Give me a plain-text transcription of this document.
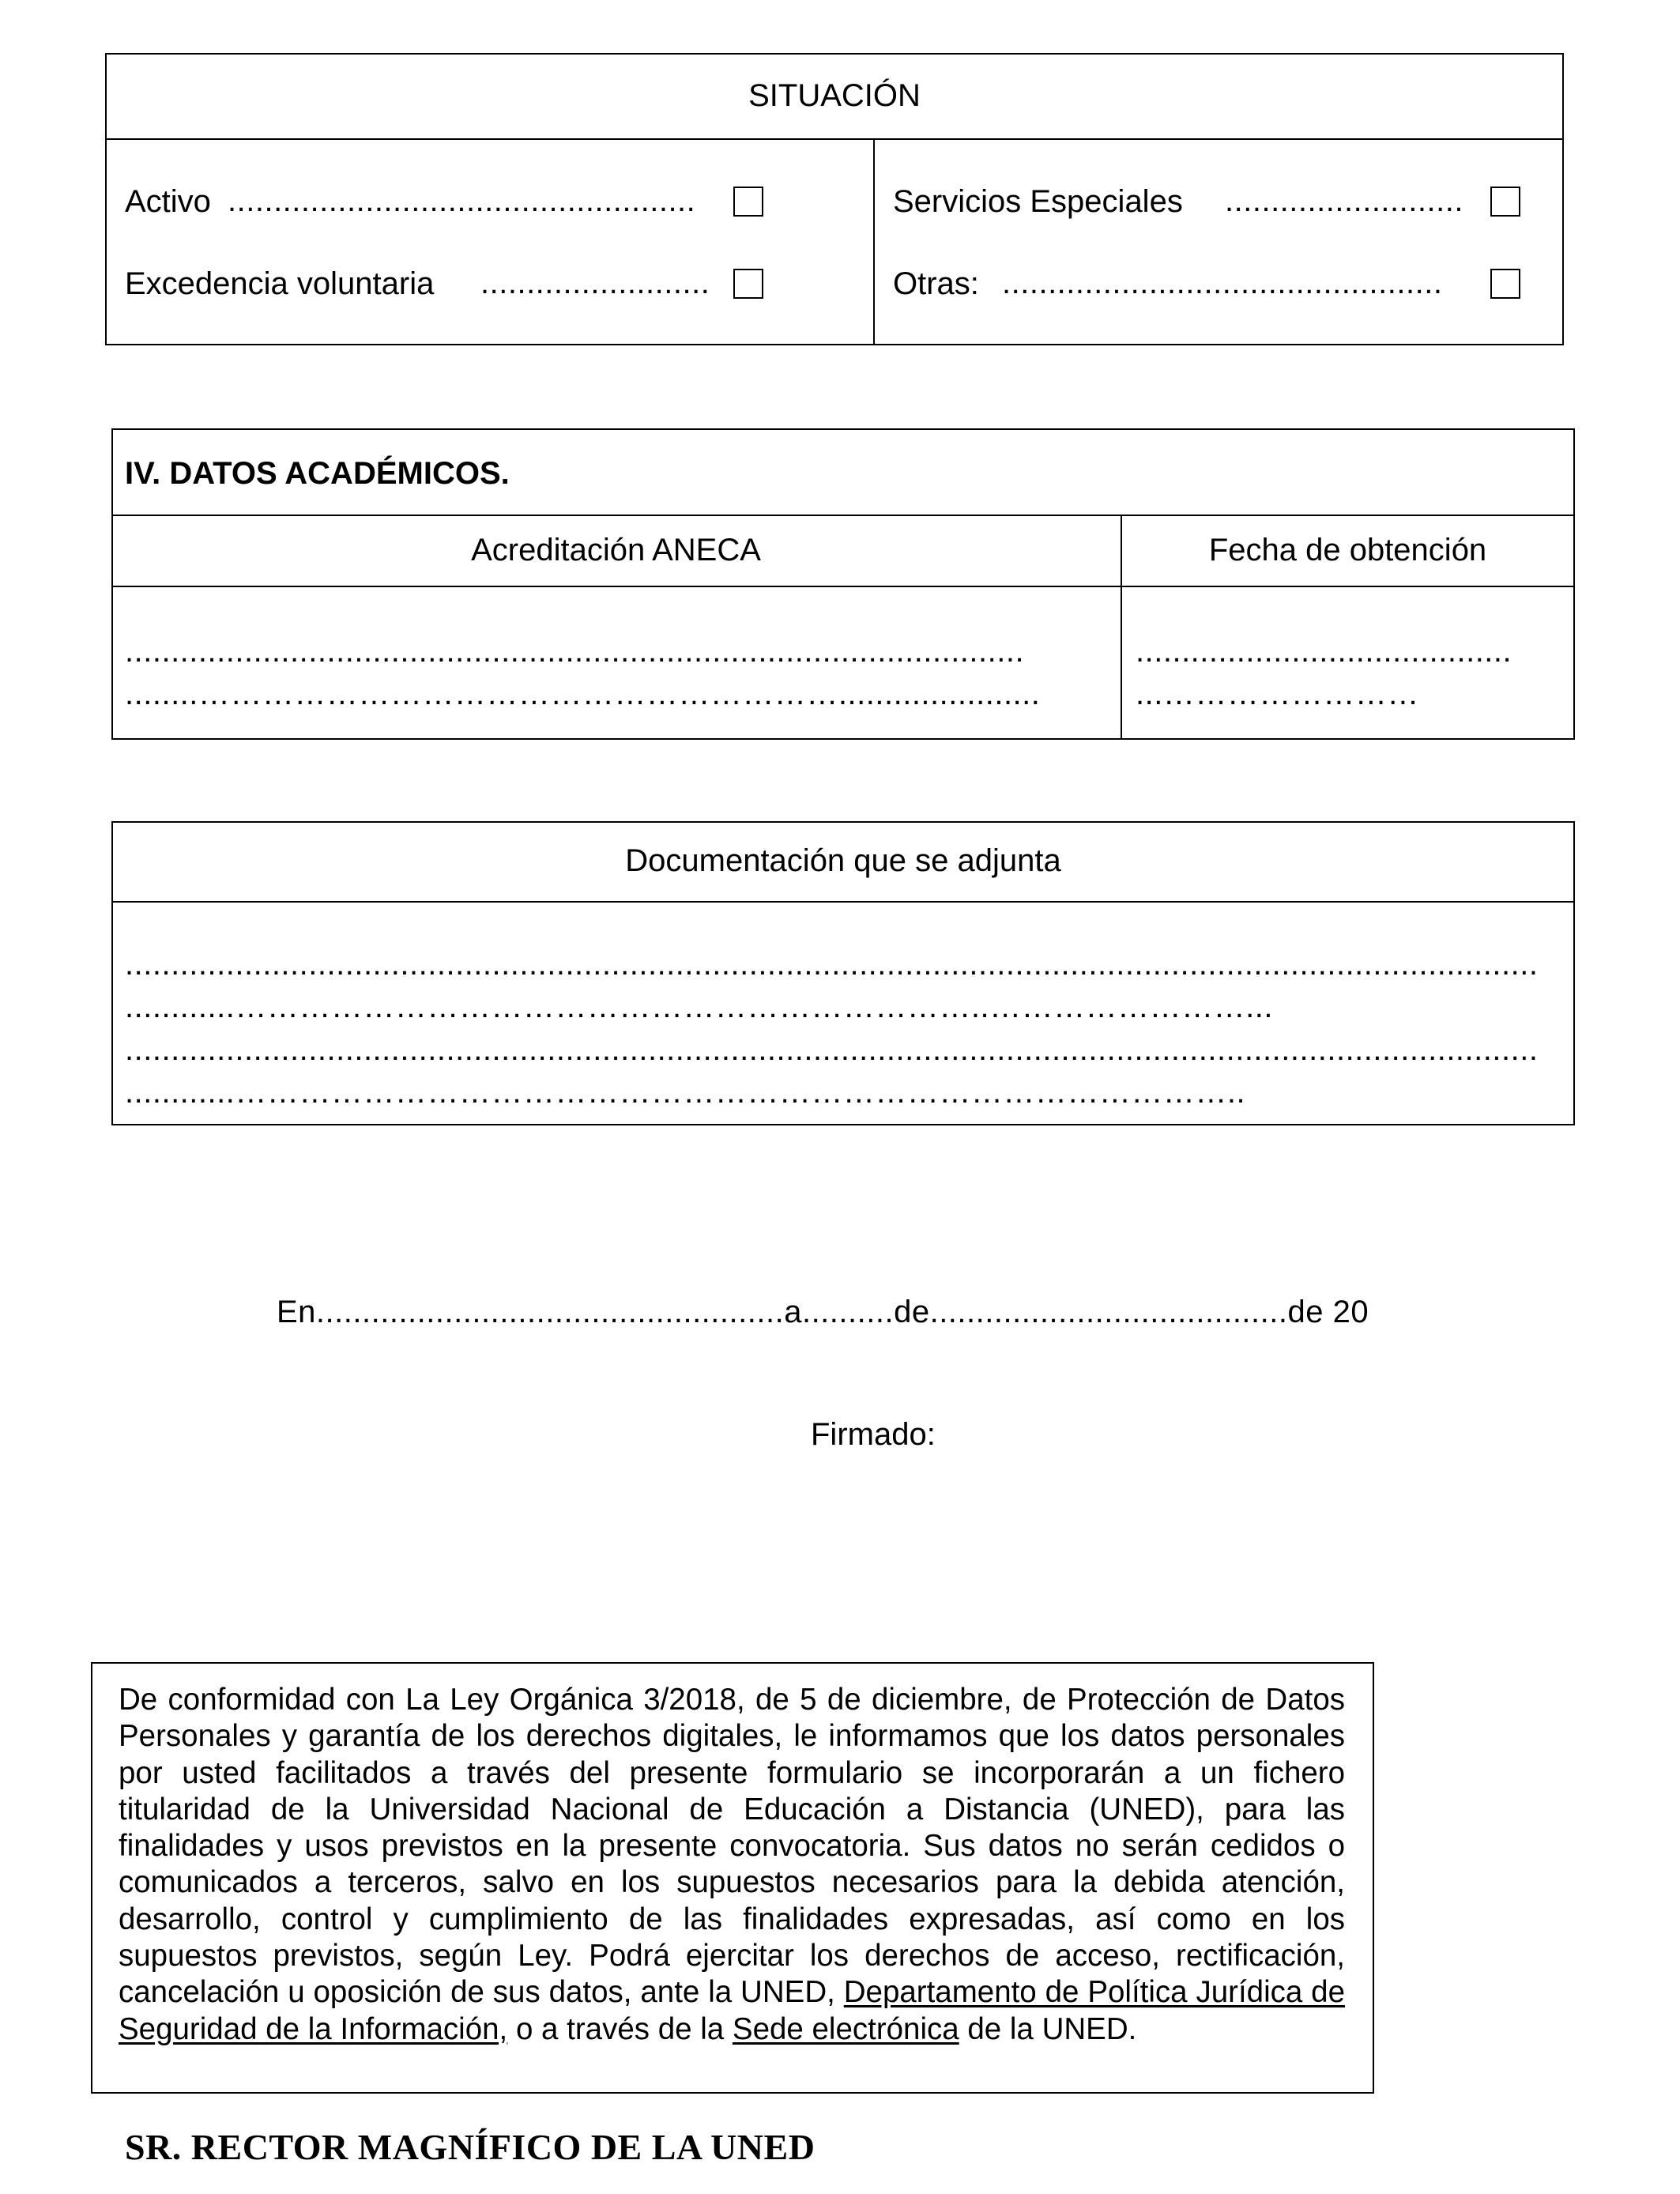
SITUACIÓN
Activo ...................................................
Excedencia voluntaria .........................
Servicios Especiales ..........................
Otras: ................................................
IV. DATOS ACADÉMICOS.
Acreditación ANECA	Fecha de obtención
..................................................................................................
........……………………………………………………......................
.........................................
...……………………
Documentación que se adjunta
..........................................................................................................................................................
............……………………………………………………………..……………………...
..........................................................................................................................................................
............…………………………………………………………………………………..
En...................................................a..........de.......................................de 20
Firmado:
De conformidad con La Ley Orgánica 3/2018, de 5 de diciembre, de Protección de Datos Personales y garantía de los derechos digitales, le informamos que los datos personales por usted facilitados a través del presente formulario se incorporarán a un fichero titularidad de la Universidad Nacional de Educación a Distancia (UNED), para las finalidades y usos previstos en la presente convocatoria. Sus datos no serán cedidos o comunicados a terceros, salvo en los supuestos necesarios para la debida atención, desarrollo, control y cumplimiento de las finalidades expresadas, así como en los supuestos previstos, según Ley. Podrá ejercitar los derechos de acceso, rectificación, cancelación u oposición de sus datos, ante la UNED, Departamento de Política Jurídica de Seguridad de la Información, o a través de la Sede electrónica de la UNED.
SR. RECTOR MAGNÍFICO DE LA UNED
